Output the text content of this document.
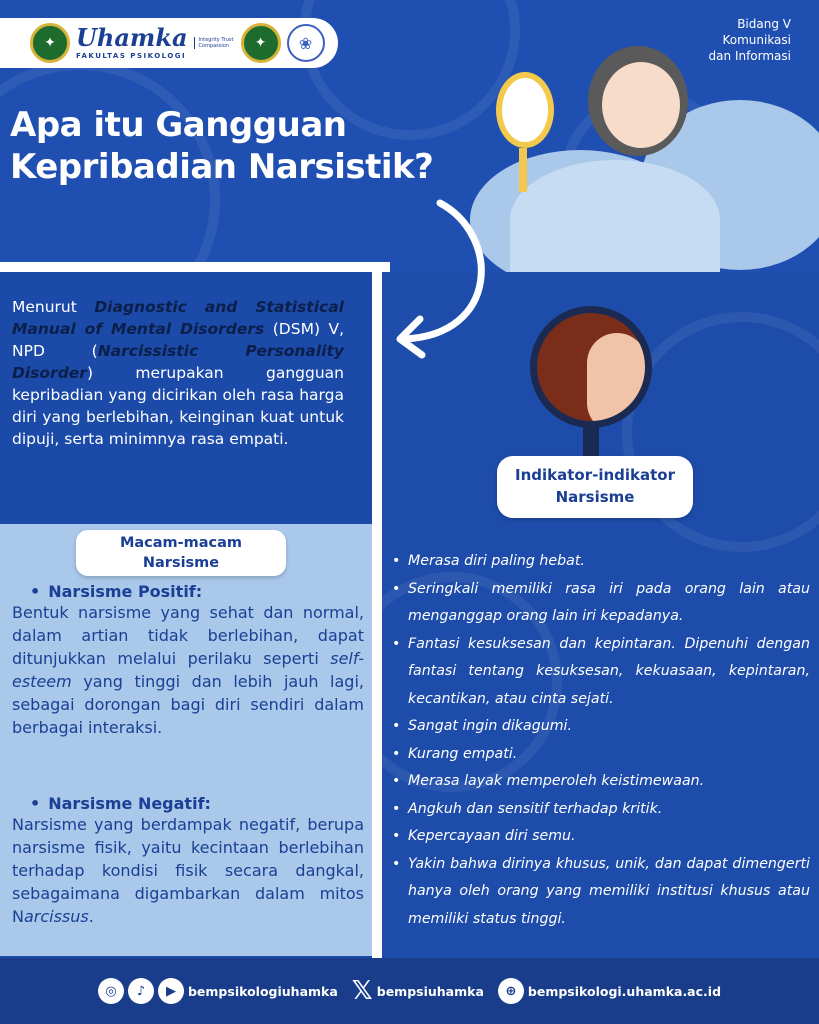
✦ Uhamka
FAKULTAS PSIKOLOGI
Integrity Trust Compassion	✦	❀
Bidang V
Komunikasi
dan Informasi
Apa itu Gangguan
Kepribadian Narsistik?
Menurut Diagnostic and Statistical Manual of Mental Disorders (DSM) V, NPD (Narcissistic Personality Disorder) merupakan gangguan kepribadian yang dicirikan oleh rasa harga diri yang berlebihan, keinginan kuat untuk dipuji, serta minimnya rasa empati.
Macam-macam
Narsisme
• Narsisme Positif:
Bentuk narsisme yang sehat dan normal, dalam artian tidak berlebihan, dapat ditunjukkan melalui perilaku seperti self-esteem yang tinggi dan lebih jauh lagi, sebagai dorongan bagi diri sendiri dalam berbagai interaksi.
• Narsisme Negatif:
Narsisme yang berdampak negatif, berupa narsisme fisik, yaitu kecintaan berlebihan terhadap kondisi fisik secara dangkal, sebagaimana digambarkan dalam mitos Narcissus.
Indikator-indikator
Narsisme
• Merasa diri paling hebat.
• Seringkali memiliki rasa iri pada orang lain atau menganggap orang lain iri kepadanya.
• Fantasi kesuksesan dan kepintaran. Dipenuhi dengan fantasi tentang kesuksesan, kekuasaan, kepintaran, kecantikan, atau cinta sejati.
• Sangat ingin dikagumi.
• Kurang empati.
• Merasa layak memperoleh keistimewaan.
• Angkuh dan sensitif terhadap kritik.
• Kepercayaan diri semu.
• Yakin bahwa dirinya khusus, unik, dan dapat dimengerti hanya oleh orang yang memiliki institusi khusus atau memiliki status tinggi.
◎	♪	▶ bempsikologiuhamka 𝕏 bempsiuhamka	⊕ bempsikologi.uhamka.ac.id
